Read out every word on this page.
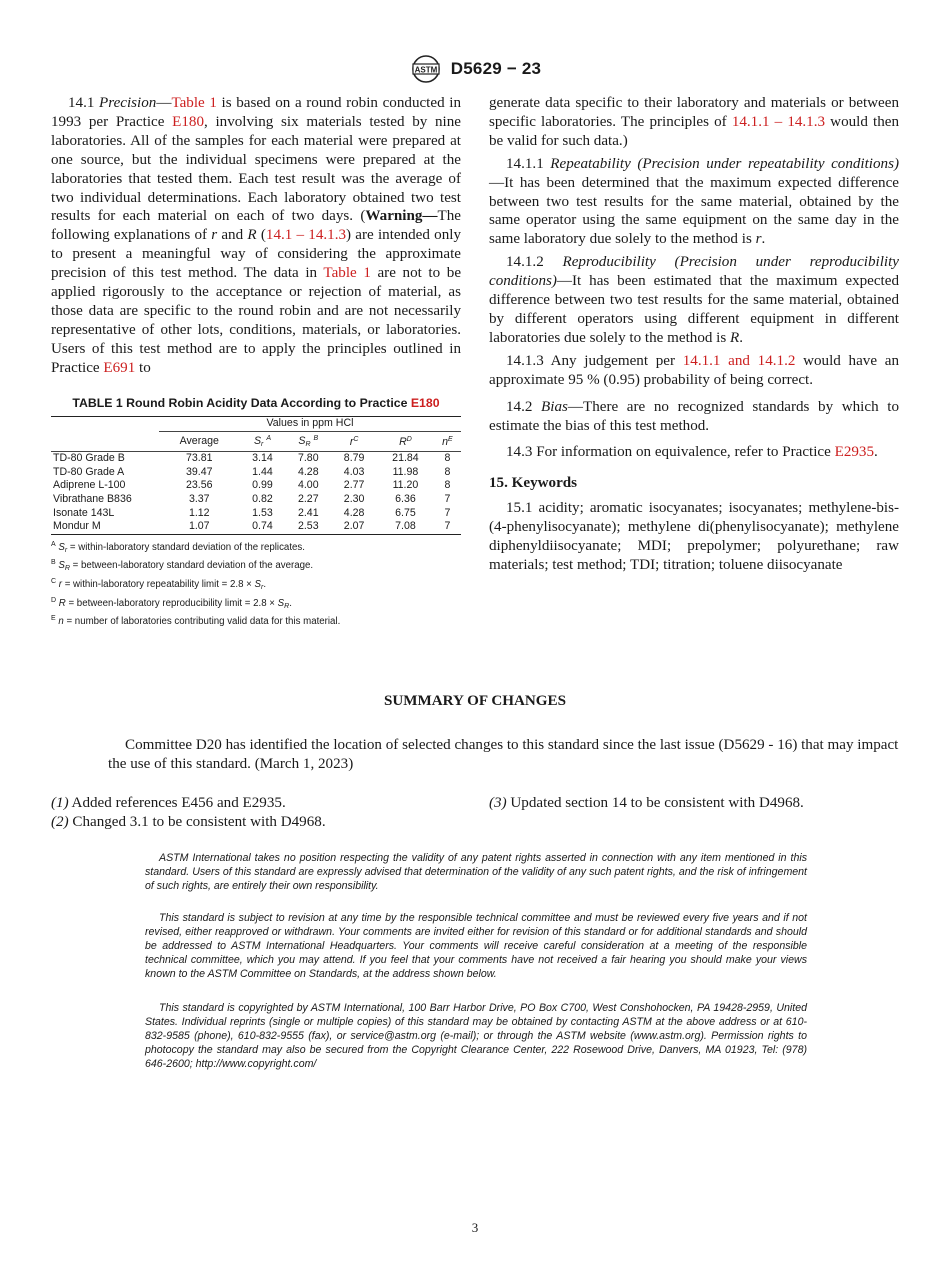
ASTM D5629 − 23

14.1 Precision—Table 1 is based on a round robin conducted in 1993 per Practice E180, involving six materials tested by nine laboratories. All of the samples for each material were prepared at one source, but the individual specimens were prepared at the laboratories that tested them. Each test result was the average of two individual determinations. Each laboratory obtained two test results for each material on each of two days. (Warning—The following explanations of r and R (14.1 – 14.1.3) are intended only to present a meaningful way of considering the approximate precision of this test method. The data in Table 1 are not to be applied rigorously to the acceptance or rejection of material, as those data are specific to the round robin and are not necessarily representative of other lots, conditions, materials, or laboratories. Users of this test method are to apply the principles outlined in Practice E691 to

TABLE 1 Round Robin Acidity Data According to Practice E180
	Values in ppm HCl					
	Average	$S_r$ $^A$	$S_R$ $^B$	$r^C$	$R^D$	$n^E$
TD-80 Grade B	73.81	3.14	7.80	8.79	21.84	8
TD-80 Grade A	39.47	1.44	4.28	4.03	11.98	8
Adiprene L-100	23.56	0.99	4.00	2.77	11.20	8
Vibrathane B836	3.37	0.82	2.27	2.30	6.36	7
Isonate 143L	1.12	1.53	2.41	4.28	6.75	7
Mondur M	1.07	0.74	2.53	2.07	7.08	7
$^A$ $S_r$ = within-laboratory standard deviation of the replicates.
$^B$ $S_R$ = between-laboratory standard deviation of the average.
$^C$ r = within-laboratory repeatability limit = $2.8 \times S_r$.
$^D$ R = between-laboratory reproducibility limit = $2.8 \times S_R$.
$^E$ n = number of laboratories contributing valid data for this material.

generate data specific to their laboratory and materials or between specific laboratories. The principles of 14.1.1 – 14.1.3 would then be valid for such data.)

14.1.1 Repeatability (Precision under repeatability conditions)—It has been determined that the maximum expected difference between two test results for the same material, obtained by the same operator using the same equipment on the same day in the same laboratory due solely to the method is r.

14.1.2 Reproducibility (Precision under reproducibility conditions)—It has been estimated that the maximum expected difference between two test results for the same material, obtained by different operators using different equipment in different laboratories due solely to the method is R.

14.1.3 Any judgement per 14.1.1 and 14.1.2 would have an approximate 95 % (0.95) probability of being correct.

14.2 Bias—There are no recognized standards by which to estimate the bias of this test method.

14.3 For information on equivalence, refer to Practice E2935.

15. Keywords

15.1 acidity; aromatic isocyanates; isocyanates; methylene-bis-(4-phenylisocyanate); methylene di(phenylisocyanate); methylene diphenyldiisocyanate; MDI; prepolymer; polyurethane; raw materials; test method; TDI; titration; toluene diisocyanate

SUMMARY OF CHANGES
Committee D20 has identified the location of selected changes to this standard since the last issue (D5629 - 16) that may impact the use of this standard. (March 1, 2023)
(1) Added references E456 and E2935.
(2) Changed 3.1 to be consistent with D4968.
(3) Updated section 14 to be consistent with D4968.

ASTM International takes no position respecting the validity of any patent rights asserted in connection with any item mentioned in this standard. Users of this standard are expressly advised that determination of the validity of any such patent rights, and the risk of infringement of such rights, are entirely their own responsibility.

This standard is subject to revision at any time by the responsible technical committee and must be reviewed every five years and if not revised, either reapproved or withdrawn. Your comments are invited either for revision of this standard or for additional standards and should be addressed to ASTM International Headquarters. Your comments will receive careful consideration at a meeting of the responsible technical committee, which you may attend. If you feel that your comments have not received a fair hearing you should make your views known to the ASTM Committee on Standards, at the address shown below.

This standard is copyrighted by ASTM International, 100 Barr Harbor Drive, PO Box C700, West Conshohocken, PA 19428-2959, United States. Individual reprints (single or multiple copies) of this standard may be obtained by contacting ASTM at the above address or at 610-832-9585 (phone), 610-832-9555 (fax), or service@astm.org (e-mail); or through the ASTM website (www.astm.org). Permission rights to photocopy the standard may also be secured from the Copyright Clearance Center, 222 Rosewood Drive, Danvers, MA 01923, Tel: (978) 646-2600; http://www.copyright.com/

3
